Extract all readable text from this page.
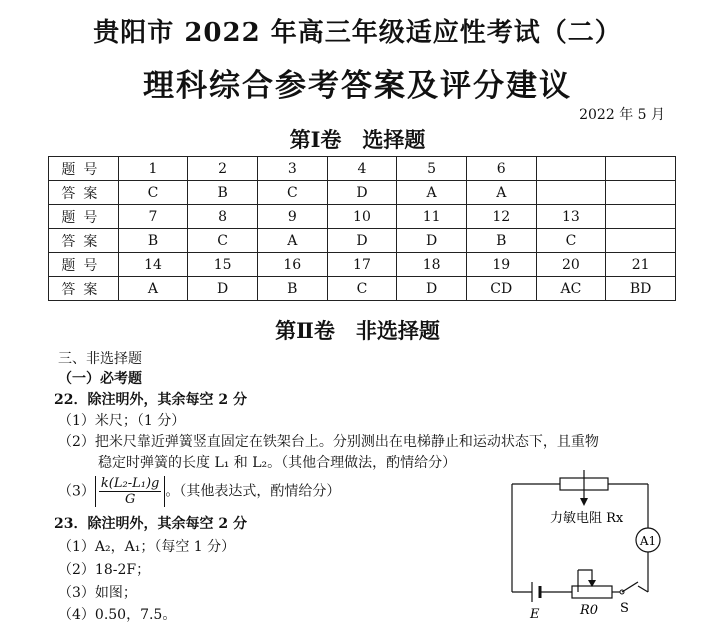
贵阳市 2022 年高三年级适应性考试（二）
理科综合参考答案及评分建议
2022 年 5 月
第Ⅰ卷　选择题
题号	1	2	3	4	5	6		
答案	C	B	C	D	A	A		
题号	7	8	9	10	11	12	13	
答案	B	C	A	D	D	B	C	
题号	14	15	16	17	18	19	20	21
答案	A	D	B	C	D	CD	AC	BD
第Ⅱ卷　非选择题
三、非选择题
（一）必考题
22．除注明外，其余每空 2 分
（1）米尺；（1 分）
（2）把米尺靠近弹簧竖直固定在铁架台上。分别测出在电梯静止和运动状态下，且重物
稳定时弹簧的长度 L₁ 和 L₂。（其他合理做法，酌情给分）
$(3) \frac{\text{k(L₂-L₁)g}}{G}$ 。（其他表达式，酌情给分）
23．除注明外，其余每空 2 分
（1）A₂，A₁；（每空 1 分）
（2）18-2F；
（3）如图；
（4）0.50，7.5。
力敏电阻 Rx
A1
E	R0 S
